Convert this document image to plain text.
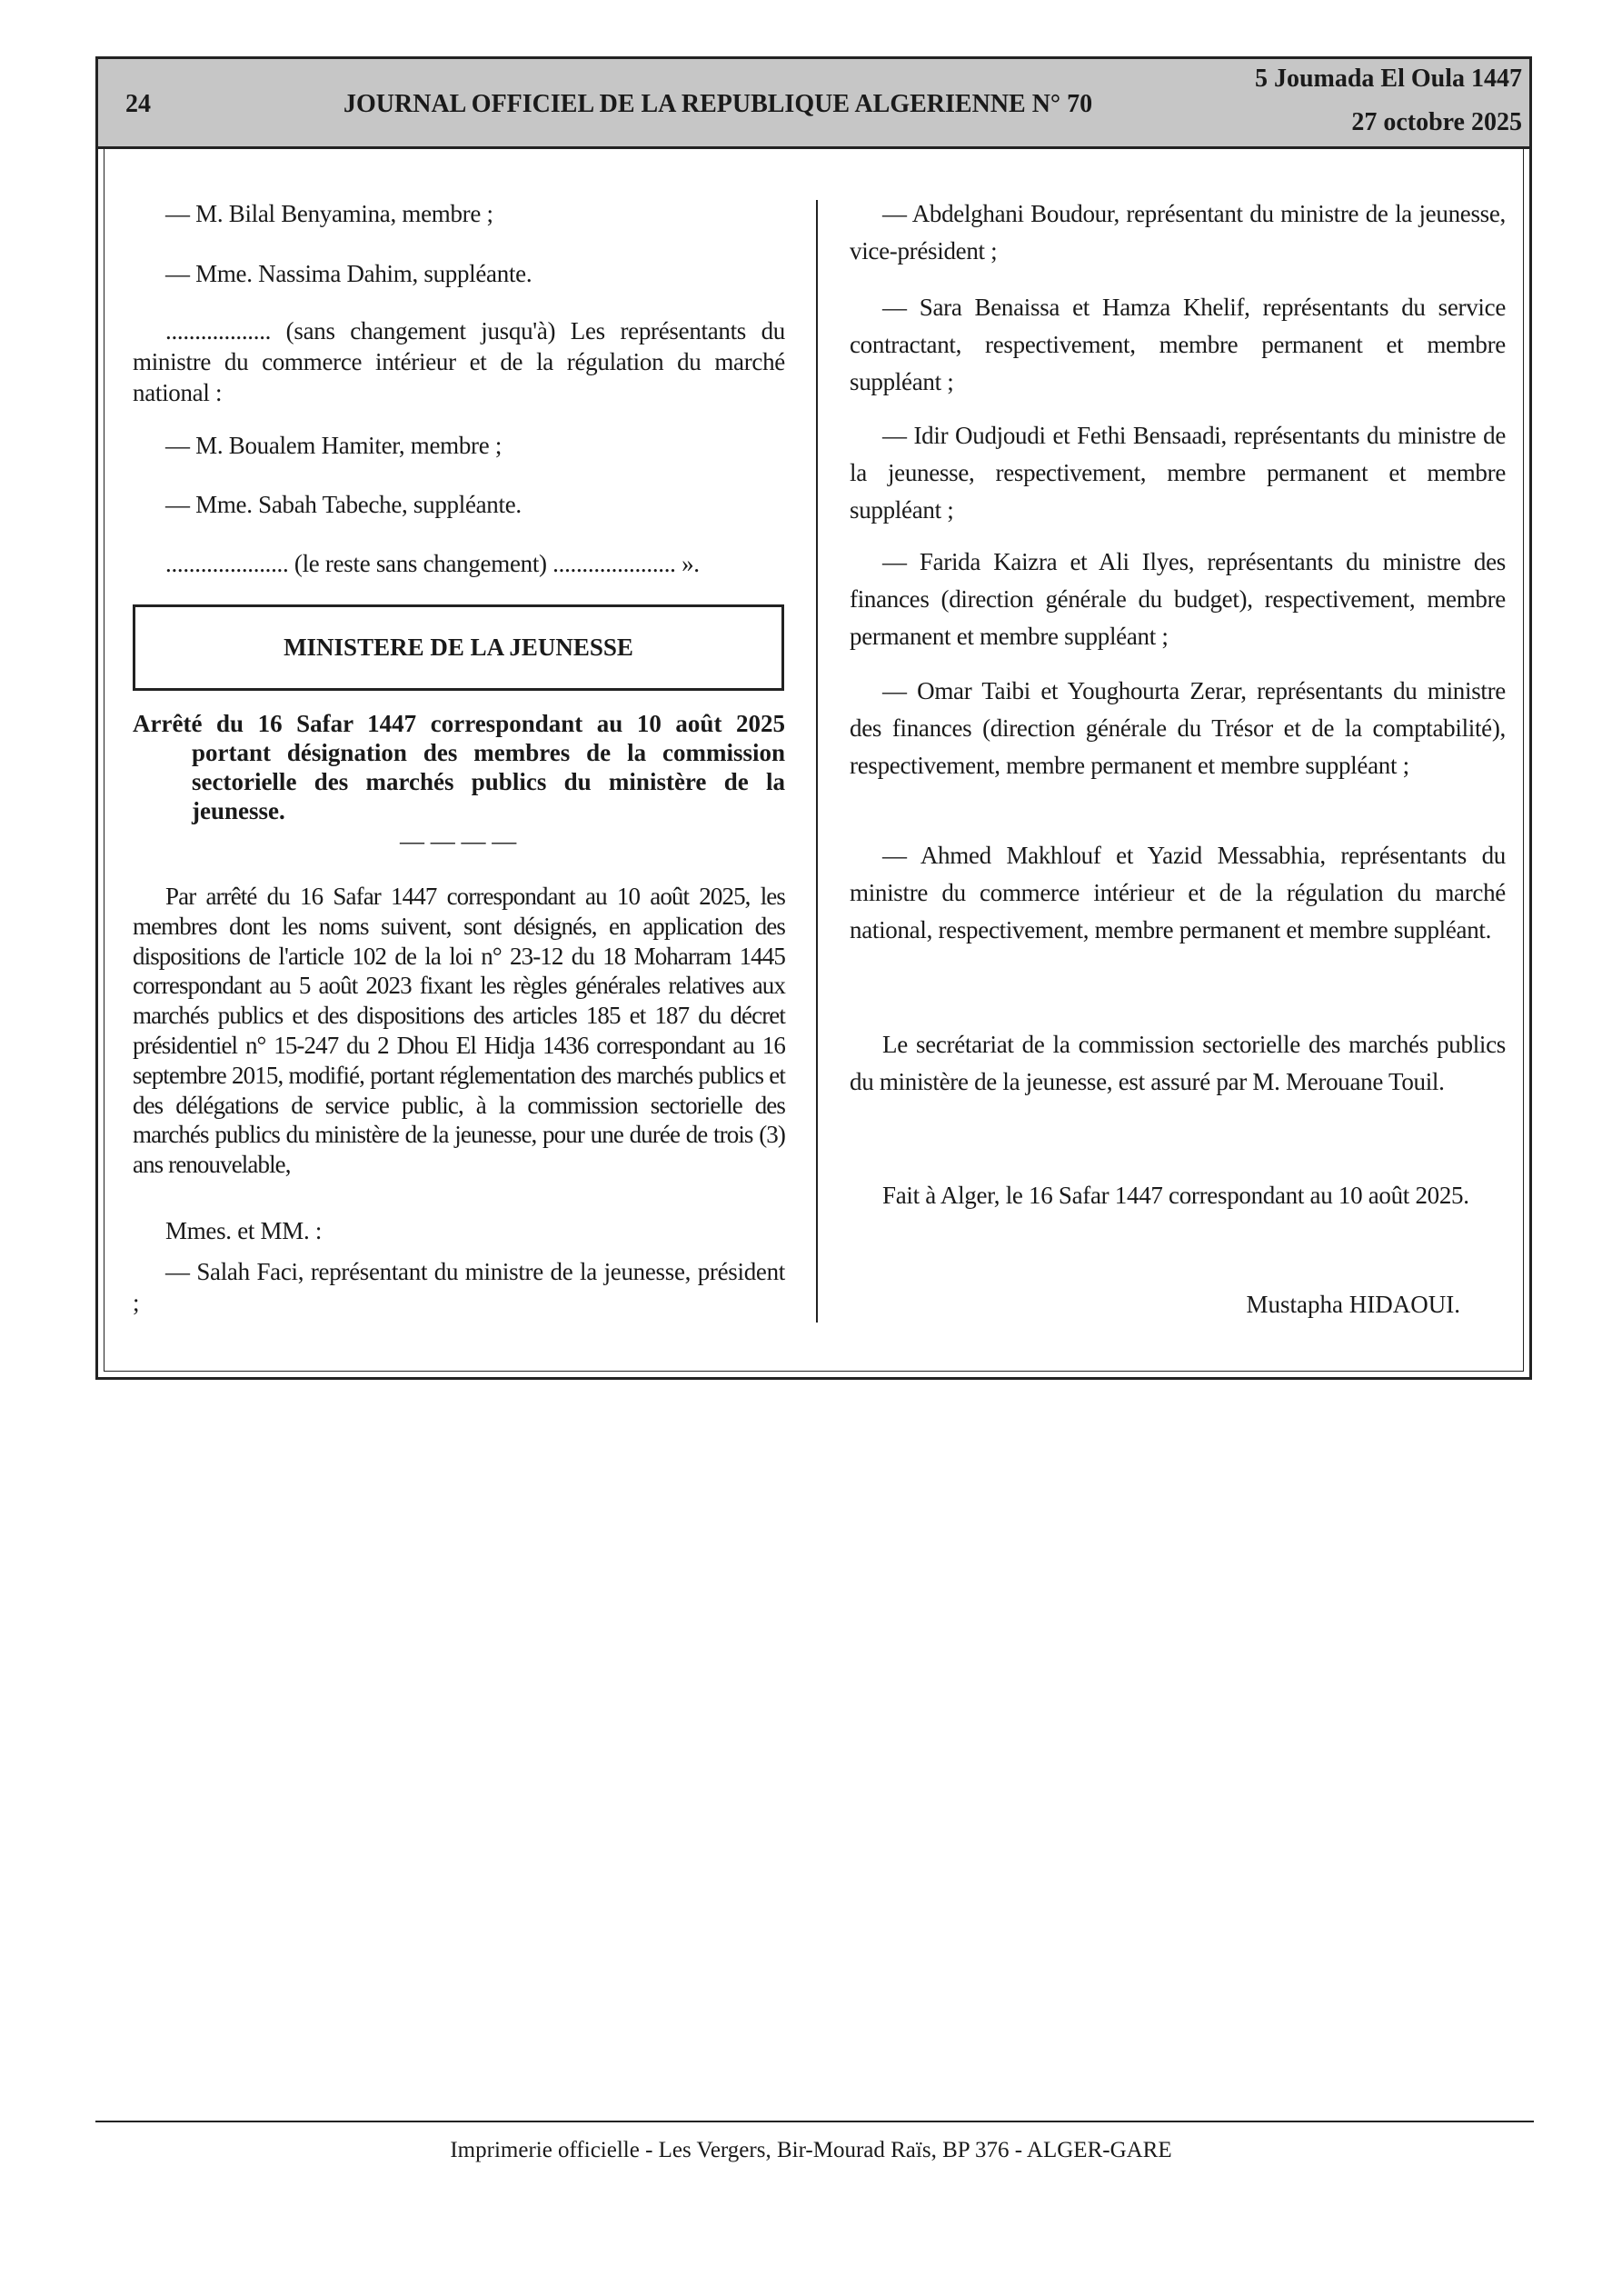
24	JOURNAL OFFICIEL DE LA REPUBLIQUE ALGERIENNE N° 70
5 Joumada El Oula 1447
27 octobre 2025

— M. Bilal Benyamina, membre ;

— Mme. Nassima Dahim, suppléante.

.................. (sans changement jusqu'à) Les représentants du ministre du commerce intérieur et de la régulation du marché national :

— M. Boualem Hamiter, membre ;

— Mme. Sabah Tabeche, suppléante.

..................... (le reste sans changement) ..................... ».

MINISTERE DE LA JEUNESSE
Arrêté du 16 Safar 1447 correspondant au 10 août 2025 portant désignation des membres de la commission sectorielle des marchés publics du ministère de la jeunesse.
— — — —

Par arrêté du 16 Safar 1447 correspondant au 10 août 2025, les membres dont les noms suivent, sont désignés, en application des dispositions de l'article 102 de la loi n° 23-12 du 18 Moharram 1445 correspondant au 5 août 2023 fixant les règles générales relatives aux marchés publics et des dispositions des articles 185 et 187 du décret présidentiel n° 15-247 du 2 Dhou El Hidja 1436 correspondant au 16 septembre 2015, modifié, portant réglementation des marchés publics et des délégations de service public, à la commission sectorielle des marchés publics du ministère de la jeunesse, pour une durée de trois (3) ans renouvelable,

Mmes. et MM. :

— Salah Faci, représentant du ministre de la jeunesse, président ;

— Abdelghani Boudour, représentant du ministre de la jeunesse, vice-président ;

— Sara Benaissa et Hamza Khelif, représentants du service contractant, respectivement, membre permanent et membre suppléant ;

— Idir Oudjoudi et Fethi Bensaadi, représentants du ministre de la jeunesse, respectivement, membre permanent et membre suppléant ;

— Farida Kaizra et Ali Ilyes, représentants du ministre des finances (direction générale du budget), respectivement, membre permanent et membre suppléant ;

— Omar Taibi et Youghourta Zerar, représentants du ministre des finances (direction générale du Trésor et de la comptabilité), respectivement, membre permanent et membre suppléant ;

— Ahmed Makhlouf et Yazid Messabhia, représentants du ministre du commerce intérieur et de la régulation du marché national, respectivement, membre permanent et membre suppléant.

Le secrétariat de la commission sectorielle des marchés publics du ministère de la jeunesse, est assuré par M. Merouane Touil.

Fait à Alger, le 16 Safar 1447 correspondant au 10 août 2025.

Mustapha HIDAOUI.
Imprimerie officielle - Les Vergers, Bir-Mourad Raïs, BP 376 - ALGER-GARE
